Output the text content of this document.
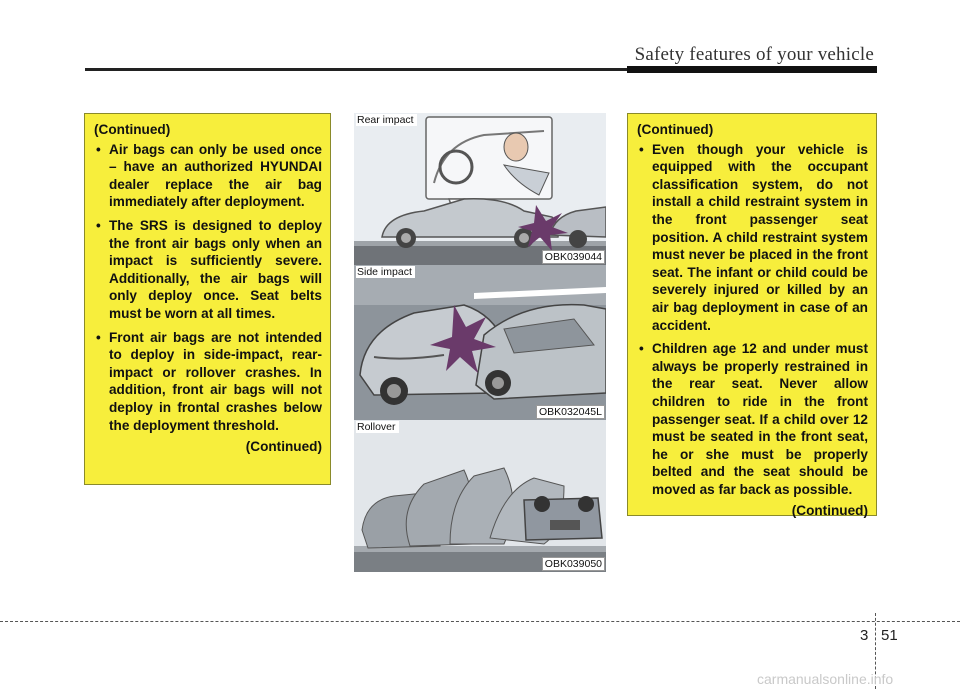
Safety features of your vehicle
(Continued)
• Air bags can only be used once – have an authorized HYUNDAI dealer replace the air bag immediately after deployment.
• The SRS is designed to deploy the front air bags only when an impact is sufficiently severe. Additionally, the air bags will only deploy once. Seat belts must be worn at all times.
• Front air bags are not intended to deploy in side-impact, rear-impact or rollover crashes. In addition, front air bags will not deploy in frontal crashes below the deployment threshold.
(Continued)
Rear impact
OBK039044
Side impact
OBK032045L
Rollover
OBK039050
(Continued)
• Even though your vehicle is equipped with the occupant classification system, do not install a child restraint system in the front passenger seat position. A child restraint system must never be placed in the front seat. The infant or child could be severely injured or killed by an air bag deployment in case of an accident.
• Children age 12 and under must always be properly restrained in the rear seat. Never allow children to ride in the front passenger seat. If a child over 12 must be seated in the front seat, he or she must be properly belted and the seat should be moved as far back as possible.
(Continued)
3 51
carmanualsonline.info
